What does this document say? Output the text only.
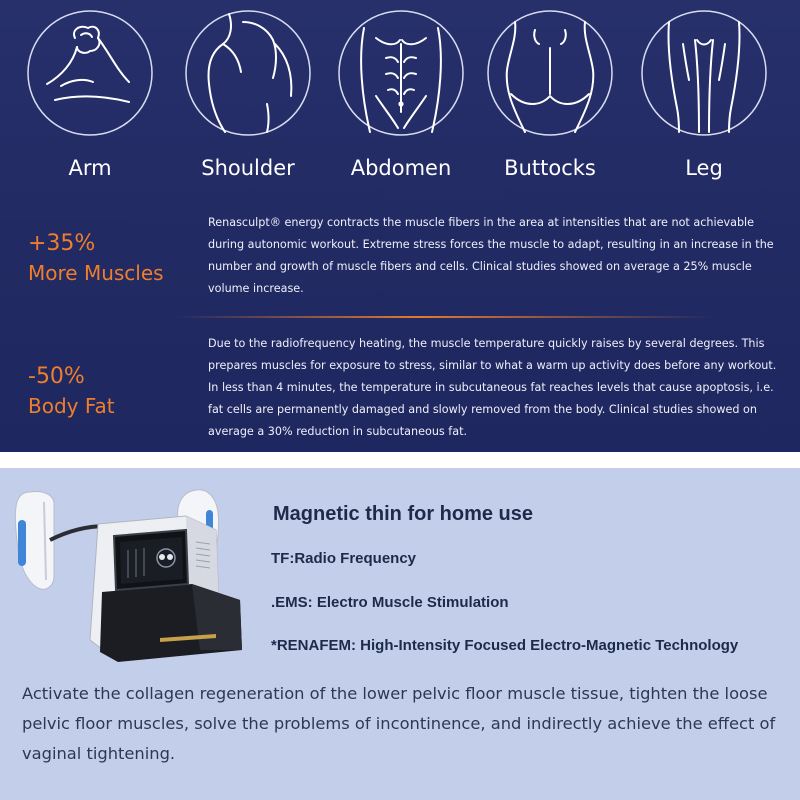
Arm	Shoulder	Abdomen	Buttocks	Leg
+35%
More Muscles
Renasculpt® energy contracts the muscle fibers in the area at intensities that are not achievable during autonomic workout. Extreme stress forces the muscle to adapt, resulting in an increase in the number and growth of muscle fibers and cells. Clinical studies showed on average a 25% muscle volume increase.
-50%
Body Fat
Due to the radiofrequency heating, the muscle temperature quickly raises by several degrees. This prepares muscles for exposure to stress, similar to what a warm up activity does before any workout. In less than 4 minutes, the temperature in subcutaneous fat reaches levels that cause apoptosis, i.e. fat cells are permanently damaged and slowly removed from the body. Clinical studies showed on average a 30% reduction in subcutaneous fat.
Magnetic thin for home use
TF:Radio Frequency
.EMS: Electro Muscle Stimulation
*RENAFEM: High-Intensity Focused Electro-Magnetic Technology
Activate the collagen regeneration of the lower pelvic floor muscle tissue, tighten the loose pelvic floor muscles, solve the problems of incontinence, and indirectly achieve the effect of vaginal tightening.
